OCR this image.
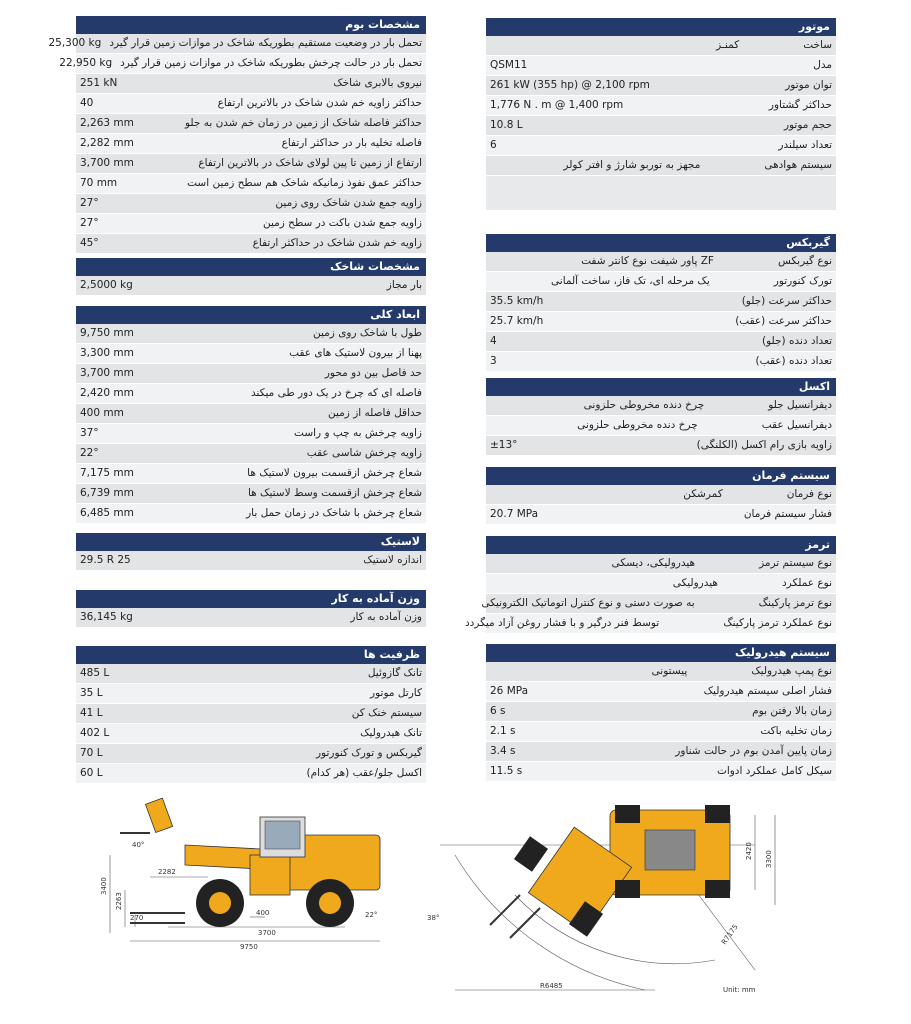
مشخصات بوم
تحمل بار در وضعیت مستقیم بطوریکه شاخک در موازات زمین قرار گیرد
25,300 kg
تحمل بار در حالت چرخش بطوریکه شاخک در موازات زمین قرار گیرد
22,950 kg
نیروی بالابری شاخک
251 kN
حداکثر زاویه خم شدن شاخک در بالاترین ارتفاع
40
حداکثر فاصله شاخک از زمین در زمان خم شدن به جلو
2,263 mm
فاصله تخلیه بار در حداکثر ارتفاع
2,282 mm
ارتفاع از زمین تا پین لولای شاخک در بالاترین ارتفاع
3,700 mm
حداکثر عمق نفوذ زمانیکه شاخک هم سطح زمین است
70 mm
زاویه جمع شدن شاخک روی زمین
27°
زاویه جمع شدن باکت در سطح زمین
27°
زاویه خم شدن شاخک در حداکثر ارتفاع
45°
مشخصات شاخک
بار مجاز
2,5000 kg
ابعاد کلی
طول با شاخک روی زمین
9,750 mm
پهنا از بیرون لاستیک های عقب
3,300 mm
حد فاصل بین دو محور
3,700 mm
فاصله ای که چرخ در یک دور طی میکند
2,420 mm
حداقل فاصله از زمین
400 mm
زاویه چرخش به چپ و راست
37°
زاویه چرخش شاسی عقب
22°
شعاع چرخش ازقسمت بیرون لاستیک ها
7,175 mm
شعاع چرخش ازقسمت وسط لاستیک ها
6,739 mm
شعاع چرخش با شاخک در زمان حمل بار
6,485 mm
لاستیک
اندازه لاستیک
29.5 R 25
وزن آماده به کار
وزن آماده به کار
36,145 kg
ظرفیت ها
تانک گازوئیل
485 L
کارتل موتور
35 L
سیستم خنک کن
41 L
تانک هیدرولیک
402 L
گیربکس و تورک کنورتور
70 L
اکسل جلو/عقب (هر کدام)
60 L
موتور
ساخت
کمنـز
مدل
QSM11
توان موتور
261 kW (355 hp) @ 2,100 rpm
حداکثر گشتاور
1,776 N . m @ 1,400 rpm
حجم موتور
10.8 L
تعداد سیلندر
6
سیستم هوادهی
مجهز به توربو شارژ و افتر کولر
گیربکس
نوع گیربکس
ZF پاور شیفت نوع کانتر شفت
تورک کنورتور
یک مرحله ای، تک فاز، ساخت آلمانی
حداکثر سرعت (جلو)
35.5 km/h
حداکثر سرعت (عقب)
25.7 km/h
تعداد دنده (جلو)
4
تعداد دنده (عقب)
3
اکسل
دیفرانسیل جلو
چرخ دنده مخروطی حلزونی
دیفرانسیل عقب
چرخ دنده مخروطی حلزونی
زاویه بازی رام اکسل (الکلنگی)
±13°
سیستم فرمان
نوع فرمان
کمرشکن
فشار سیستم فرمان
20.7 MPa
ترمز
نوع سیستم ترمز
هیدرولیکی، دیسکی
نوع عملکرد
هیدرولیکی
نوع ترمز پارکینگ
به صورت دستی و نوع کنترل اتوماتیک الکترونیکی
نوع عملکرد ترمز پارکینگ
توسط فنر درگیر و با فشار روغن آزاد میگردد
سیستم هیدرولیک
نوع پمپ هیدرولیک
پیستونی
فشار اصلی سیستم هیدرولیک
26 MPa
زمان بالا رفتن بوم
6 s
زمان تخلیه باکت
2.1 s
زمان پایین آمدن بوم در حالت شناور
3.4 s
سیکل کامل عملکرد ادوات
11.5 s
40°
3400
2263
270
2282
400
3700
9750
22°
2420 3300
R7175
R6485
38°
Unit: mm
